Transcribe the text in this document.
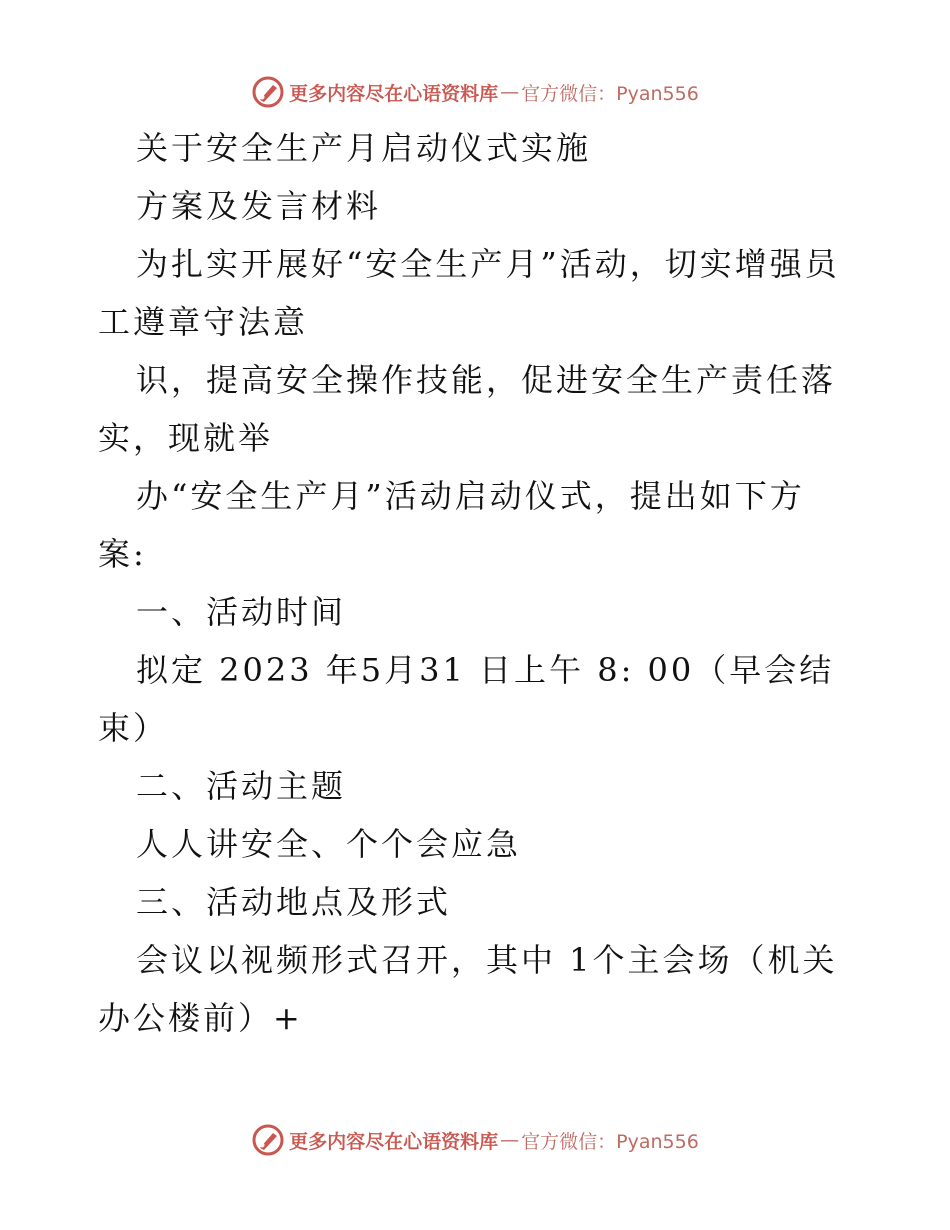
更多内容尽在心语资料库 — 官方微信：Pyan556
关于安全生产月启动仪式实施
方案及发言材料
为扎实开展好“安全生产月”活动，切实增强员
工遵章守法意
识，提高安全操作技能，促进安全生产责任落
实，现就举
办“安全生产月”活动启动仪式，提出如下方
案:
一、活动时间
拟定 2023 年5月31 日上午 8: 00（早会结
束）
二、活动主题
人人讲安全、个个会应急
三、活动地点及形式
会议以视频形式召开，其中 1个主会场（机关
办公楼前）+
更多内容尽在心语资料库 — 官方微信：Pyan556
